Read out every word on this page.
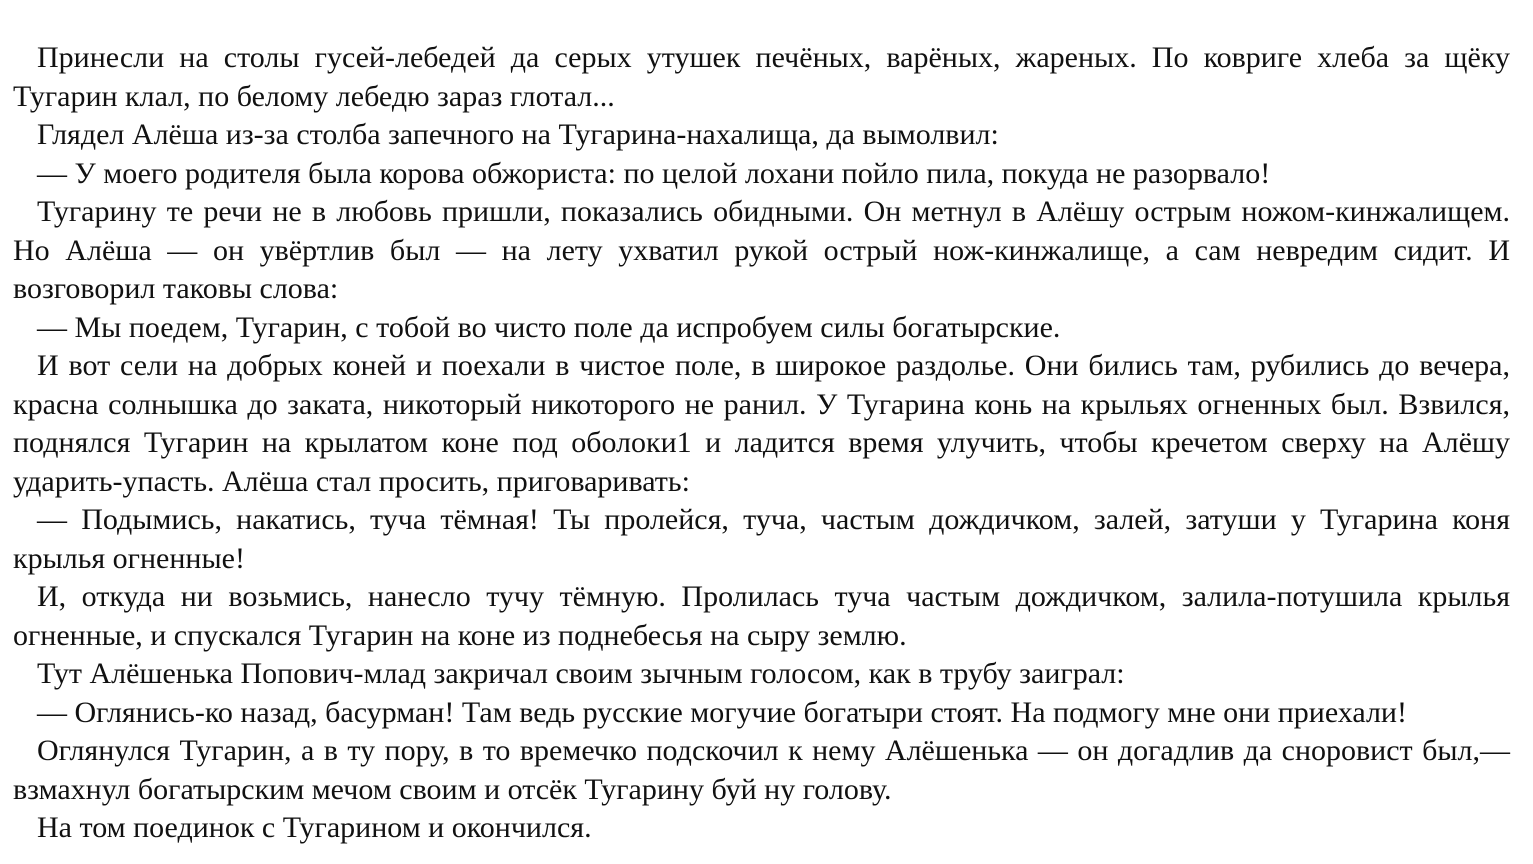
Принесли на столы гусей-лебедей да серых утушек печёных, варёных, жареных. По ковриге хлеба за щёку Тугарин клал, по белому лебедю зараз глотал...

Глядел Алёша из-за столба запечного на Тугарина-нахалища, да вымолвил:

— У моего родителя была корова обжориста: по целой лохани пойло пила, покуда не разорвало!

Тугарину те речи не в любовь пришли, показались обидными. Он метнул в Алёшу острым ножом-кинжалищем. Но Алёша — он увёртлив был — на лету ухватил рукой острый нож-кинжалище, а сам невредим сидит. И возговорил таковы слова:

— Мы поедем, Тугарин, с тобой во чисто поле да испробуем силы богатырские.

И вот сели на добрых коней и поехали в чистое поле, в широкое раздолье. Они бились там, рубились до вечера, красна солнышка до заката, никоторый никоторого не ранил. У Тугарина конь на крыльях огненных был. Взвился, поднялся Тугарин на крылатом коне под оболоки1 и ладится время улучить, чтобы кречетом сверху на Алёшу ударить-упасть. Алёша стал просить, приговаривать:

— Подымись, накатись, туча тёмная! Ты пролейся, туча, частым дождичком, залей, затуши у Тугарина коня крылья огненные!

И, откуда ни возьмись, нанесло тучу тёмную. Пролилась туча частым дождичком, залила-потушила крылья огненные, и спускался Тугарин на коне из поднебесья на сыру землю.

Тут Алёшенька Попович-млад закричал своим зычным голосом, как в трубу заиграл:

— Оглянись-ко назад, басурман! Там ведь русские могучие богатыри стоят. На подмогу мне они приехали!

Оглянулся Тугарин, а в ту пору, в то времечко подскочил к нему Алёшенька — он догадлив да сноровист был,— взмахнул богатырским мечом своим и отсёк Тугарину буй ну голову.

На том поединок с Тугарином и окончился.
